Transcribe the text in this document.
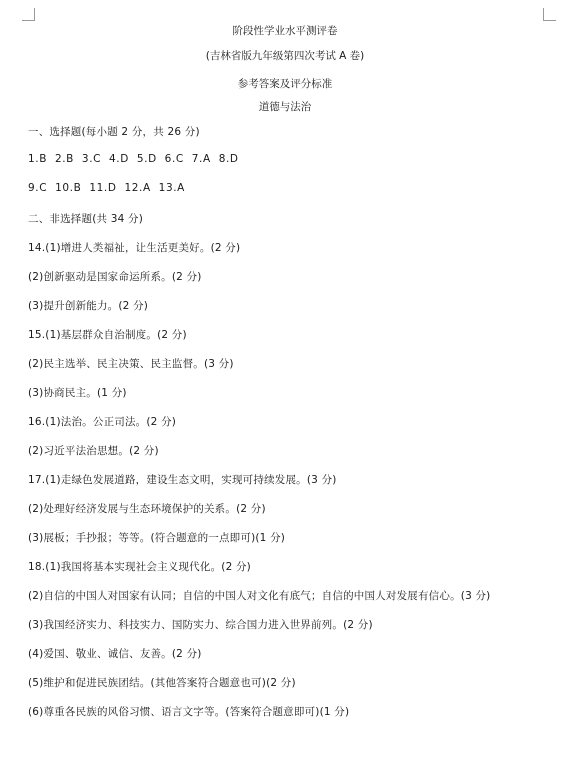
阶段性学业水平测评卷
(吉林省版九年级第四次考试 A 卷)
参考答案及评分标准
道德与法治
一、选择题(每小题 2 分，共 26 分)
1.B 2.B 3.C 4.D 5.D 6.C 7.A 8.D
9.C 10.B 11.D 12.A 13.A
二、非选择题(共 34 分)
14.(1)增进人类福祉，让生活更美好。(2 分)
(2)创新驱动是国家命运所系。(2 分)
(3)提升创新能力。(2 分)
15.(1)基层群众自治制度。(2 分)
(2)民主选举、民主决策、民主监督。(3 分)
(3)协商民主。(1 分)
16.(1)法治。公正司法。(2 分)
(2)习近平法治思想。(2 分)
17.(1)走绿色发展道路，建设生态文明，实现可持续发展。(3 分)
(2)处理好经济发展与生态环境保护的关系。(2 分)
(3)展板；手抄报；等等。(符合题意的一点即可)(1 分)
18.(1)我国将基本实现社会主义现代化。(2 分)
(2)自信的中国人对国家有认同；自信的中国人对文化有底气；自信的中国人对发展有信心。(3 分)
(3)我国经济实力、科技实力、国防实力、综合国力进入世界前列。(2 分)
(4)爱国、敬业、诚信、友善。(2 分)
(5)维护和促进民族团结。(其他答案符合题意也可)(2 分)
(6)尊重各民族的风俗习惯、语言文字等。(答案符合题意即可)(1 分)
